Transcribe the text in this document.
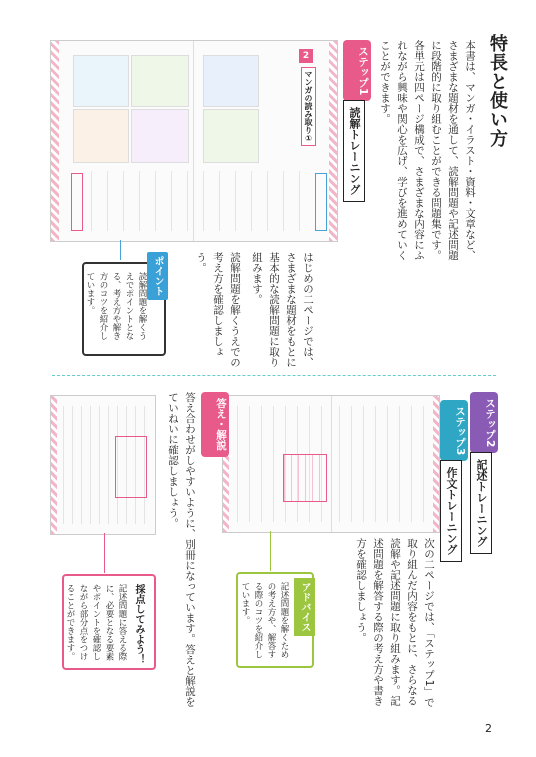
特長と使い方
本書は、マンガ・イラスト・資料・文章など、さまざまな題材を通して、読解問題や記述問題に段階的に取り組むことができる問題集です。各単元は四ページ構成で、さまざまな内容にふれながら興味や関心を広げ、学びを進めていくことができます。
2
マンガの読み取り①	ステップ1
読解トレーニング
ポイント
読解問題を解くうえでポイントとなる、考え方や解き方のコツを紹介しています。	はじめの二ページでは、さまざまな題材をもとに基本的な読解問題に取り組みます。
読解問題を解くうえでの考え方を確認しましょう。
ステップ2
記述トレーニング
ステップ3
作文トレーニング
次の二ページでは、「ステップ1」で取り組んだ内容をもとに、さらなる読解や記述問題に取り組みます。記述問題を解答する際の考え方や書き方を確認しましょう。
アドバイス
記述問題を解くための考え方や、解答する際のコツを紹介しています。
答え・解説
答え合わせがしやすいように、別冊になっています。答えと解説をていねいに確認しましょう。
採点してみよう！
記述問題に答える際に、必要となる要素やポイントを確認しながら部分点をつけることができます。
2
